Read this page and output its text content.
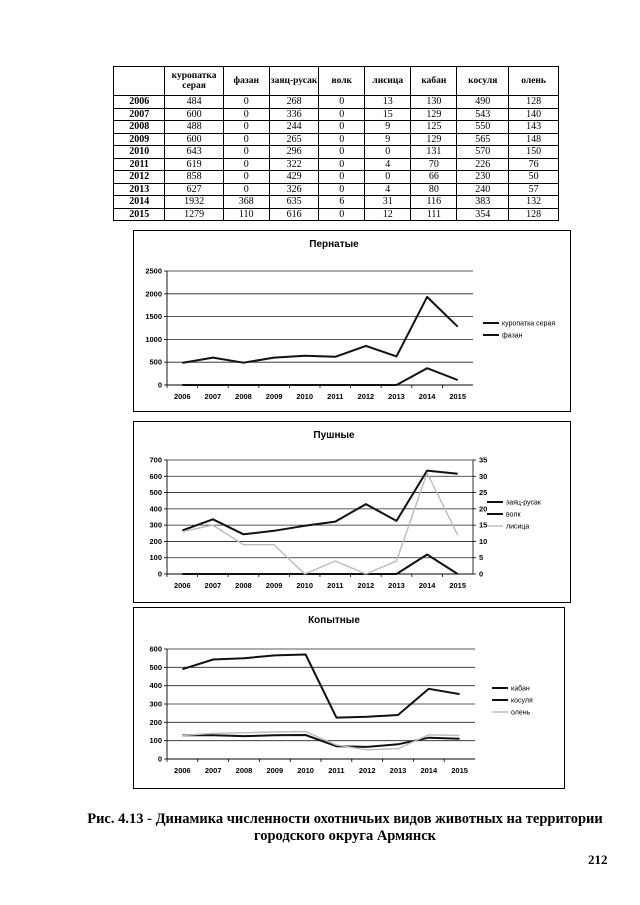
	куропатка серая	фазан	заяц-русак	волк	лисица	кабан	косуля	олень
2006	484	0	268	0	13	130	490	128
2007	600	0	336	0	15	129	543	140
2008	488	0	244	0	9	125	550	143
2009	600	0	265	0	9	129	565	148
2010	643	0	296	0	0	131	570	150
2011	619	0	322	0	4	70	226	76
2012	858	0	429	0	0	66	230	50
2013	627	0	326	0	4	80	240	57
2014	1932	368	635	6	31	116	383	132
2015	1279	110	616	0	12	111	354	128
Пернатые
0
500
1000
1500
2000
2500
2006 2007 2008 2009 2010 2011 2012 2013 2014 2015
куропатка серая
фазан
Пушные
0
100
200
300
400
500
600
700
0
5
10
15
20
25
30
35
2006 2007 2008 2009 2010 2011 2012 2013 2014 2015
заяц-русак
волк
лисица
Копытные
0
100
200
300
400
500
600
2006 2007 2008 2009 2010 2011 2012 2013 2014 2015
кабан
косуля
олень
Рис. 4.13 - Динамика численности охотничьих видов животных на территории
городского округа Армянск
212
